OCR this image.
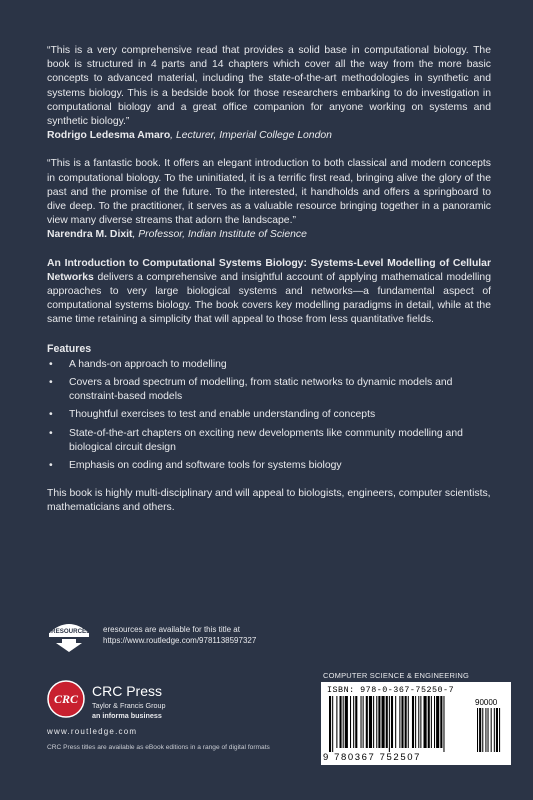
“This is a very comprehensive read that provides a solid base in computational biology. The book is structured in 4 parts and 14 chapters which cover all the way from the more basic concepts to advanced material, including the state-of-the-art methodologies in synthetic and systems biology. This is a bedside book for those researchers embarking to do investigation in computational biology and a great office companion for anyone working on systems and synthetic biology.”
Rodrigo Ledesma Amaro, Lecturer, Imperial College London

“This is a fantastic book. It offers an elegant introduction to both classical and modern concepts in computational biology. To the uninitiated, it is a terrific first read, bringing alive the glory of the past and the promise of the future. To the interested, it handholds and offers a springboard to dive deep. To the practitioner, it serves as a valuable resource bringing together in a panoramic view many diverse streams that adorn the landscape.”
Narendra M. Dixit, Professor, Indian Institute of Science

An Introduction to Computational Systems Biology: Systems-Level Modelling of Cellular Networks delivers a comprehensive and insightful account of applying mathematical modelling approaches to very large biological systems and networks—a fundamental aspect of computational systems biology. The book covers key modelling paradigms in detail, while at the same time retaining a simplicity that will appeal to those from less quantitative fields.

Features
• A hands-on approach to modelling
• Covers a broad spectrum of modelling, from static networks to dynamic models and constraint-based models
• Thoughtful exercises to test and enable understanding of concepts
• State-of-the-art chapters on exciting new developments like community modelling and biological circuit design
• Emphasis on coding and software tools for systems biology

This book is highly multi-disciplinary and will appeal to biologists, engineers, computer scientists, mathematicians and others.

eRESOURCES eresources are available for this title at
https://www.routledge.com/9781138597327
CRC CRC Press
Taylor & Francis Group
an informa business
www.routledge.com
CRC Press titles are available as eBook editions in a range of digital formats
COMPUTER SCIENCE & ENGINEERING
ISBN: 978-0-367-75250-7
90000
9 780367 752507
